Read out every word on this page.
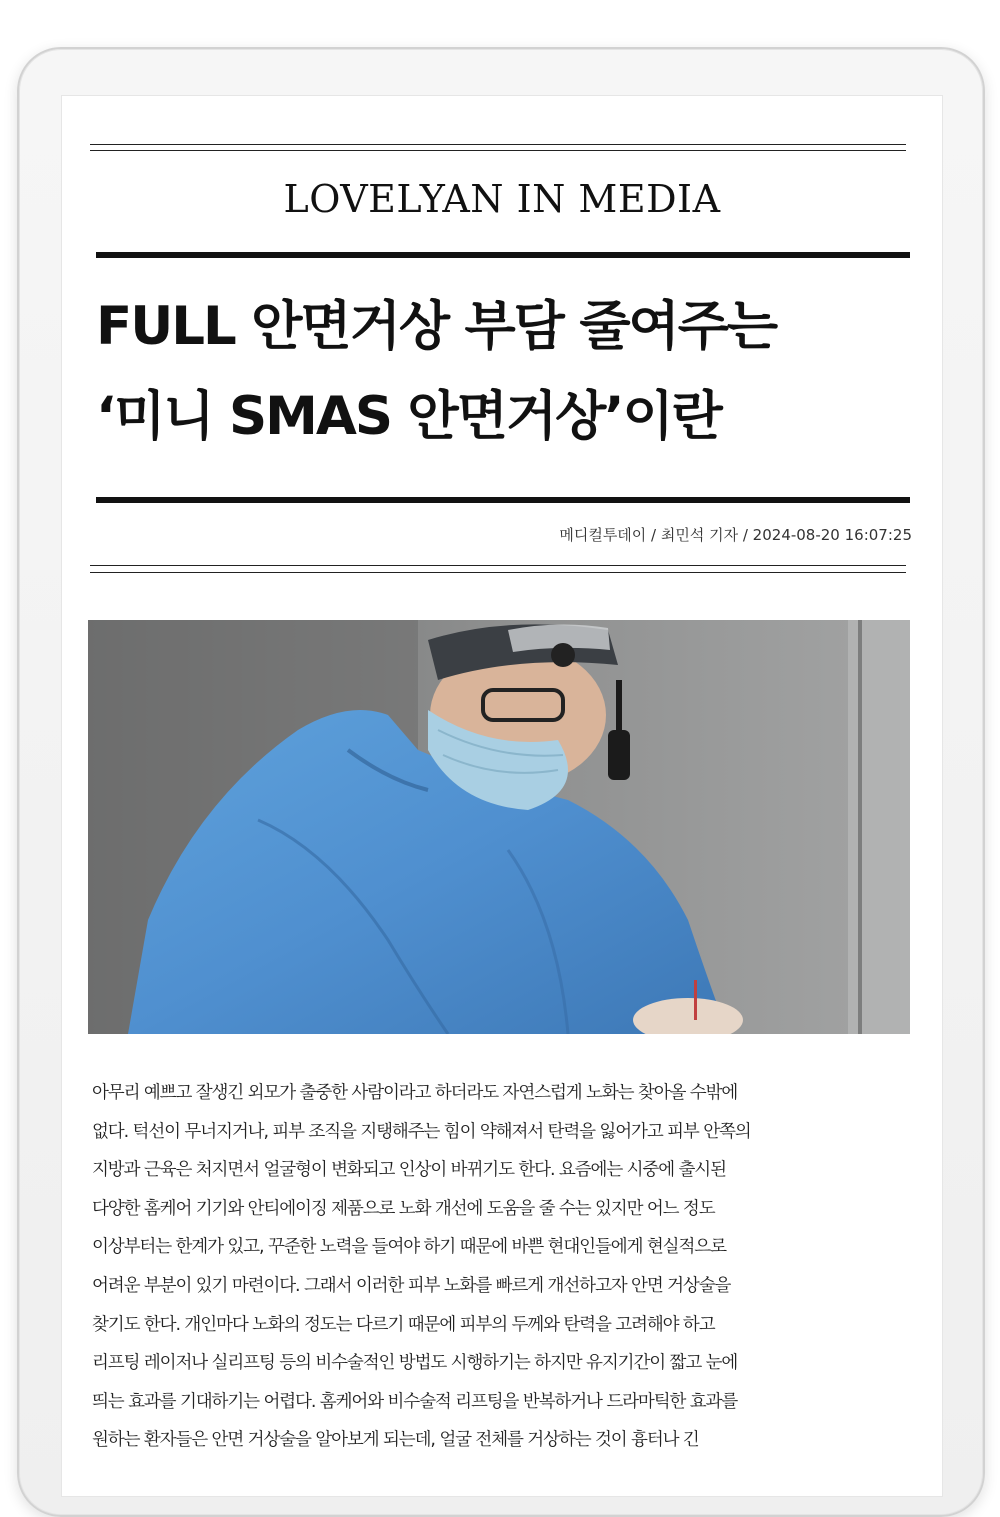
LOVELYAN IN MEDIA
FULL 안면거상 부담 줄여주는
‘미니 SMAS 안면거상’이란
메디컬투데이 / 최민석 기자 / 2024-08-20 16:07:25
아무리 예쁘고 잘생긴 외모가 출중한 사람이라고 하더라도 자연스럽게 노화는 찾아올 수밖에
없다. 턱선이 무너지거나, 피부 조직을 지탱해주는 힘이 약해져서 탄력을 잃어가고 피부 안쪽의
지방과 근육은 처지면서 얼굴형이 변화되고 인상이 바뀌기도 한다. 요즘에는 시중에 출시된
다양한 홈케어 기기와 안티에이징 제품으로 노화 개선에 도움을 줄 수는 있지만 어느 정도
이상부터는 한계가 있고, 꾸준한 노력을 들여야 하기 때문에 바쁜 현대인들에게 현실적으로
어려운 부분이 있기 마련이다. 그래서 이러한 피부 노화를 빠르게 개선하고자 안면 거상술을
찾기도 한다. 개인마다 노화의 정도는 다르기 때문에 피부의 두께와 탄력을 고려해야 하고
리프팅 레이저나 실리프팅 등의 비수술적인 방법도 시행하기는 하지만 유지기간이 짧고 눈에
띄는 효과를 기대하기는 어렵다. 홈케어와 비수술적 리프팅을 반복하거나 드라마틱한 효과를
원하는 환자들은 안면 거상술을 알아보게 되는데, 얼굴 전체를 거상하는 것이 흉터나 긴
